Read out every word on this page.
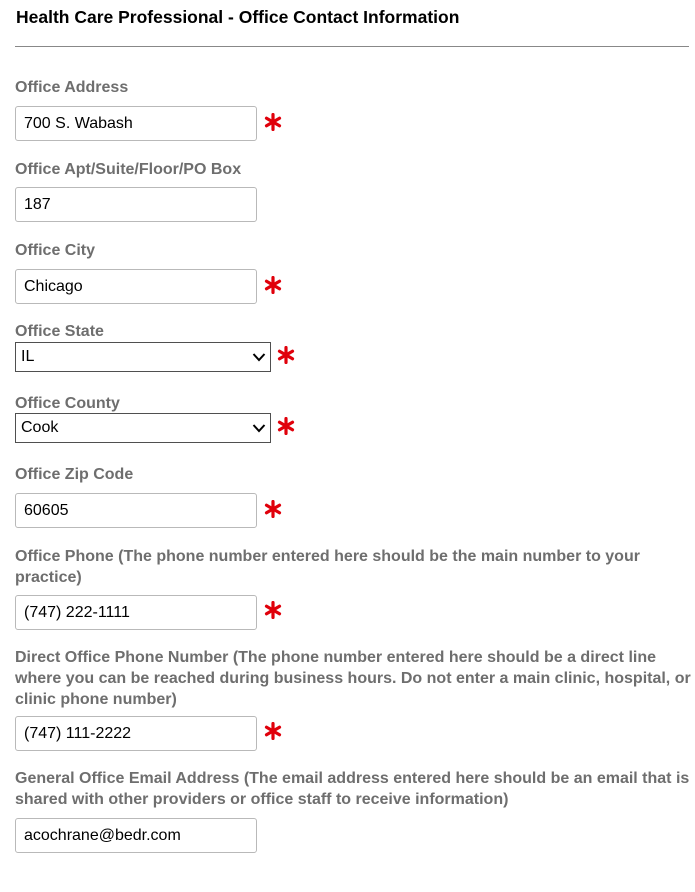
Health Care Professional - Office Contact Information
Office Address
700 S. Wabash
Office Apt/Suite/Floor/PO Box
187
Office City
Chicago
Office State
IL
Office County
Cook
Office Zip Code
60605
Office Phone (The phone number entered here should be the main number to your practice)
(747) 222-1111
Direct Office Phone Number (The phone number entered here should be a direct line where you can be reached during business hours. Do not enter a main clinic, hospital, or clinic phone number)
(747) 111-2222
General Office Email Address (The email address entered here should be an email that is shared with other providers or office staff to receive information)
acochrane@bedr.com
